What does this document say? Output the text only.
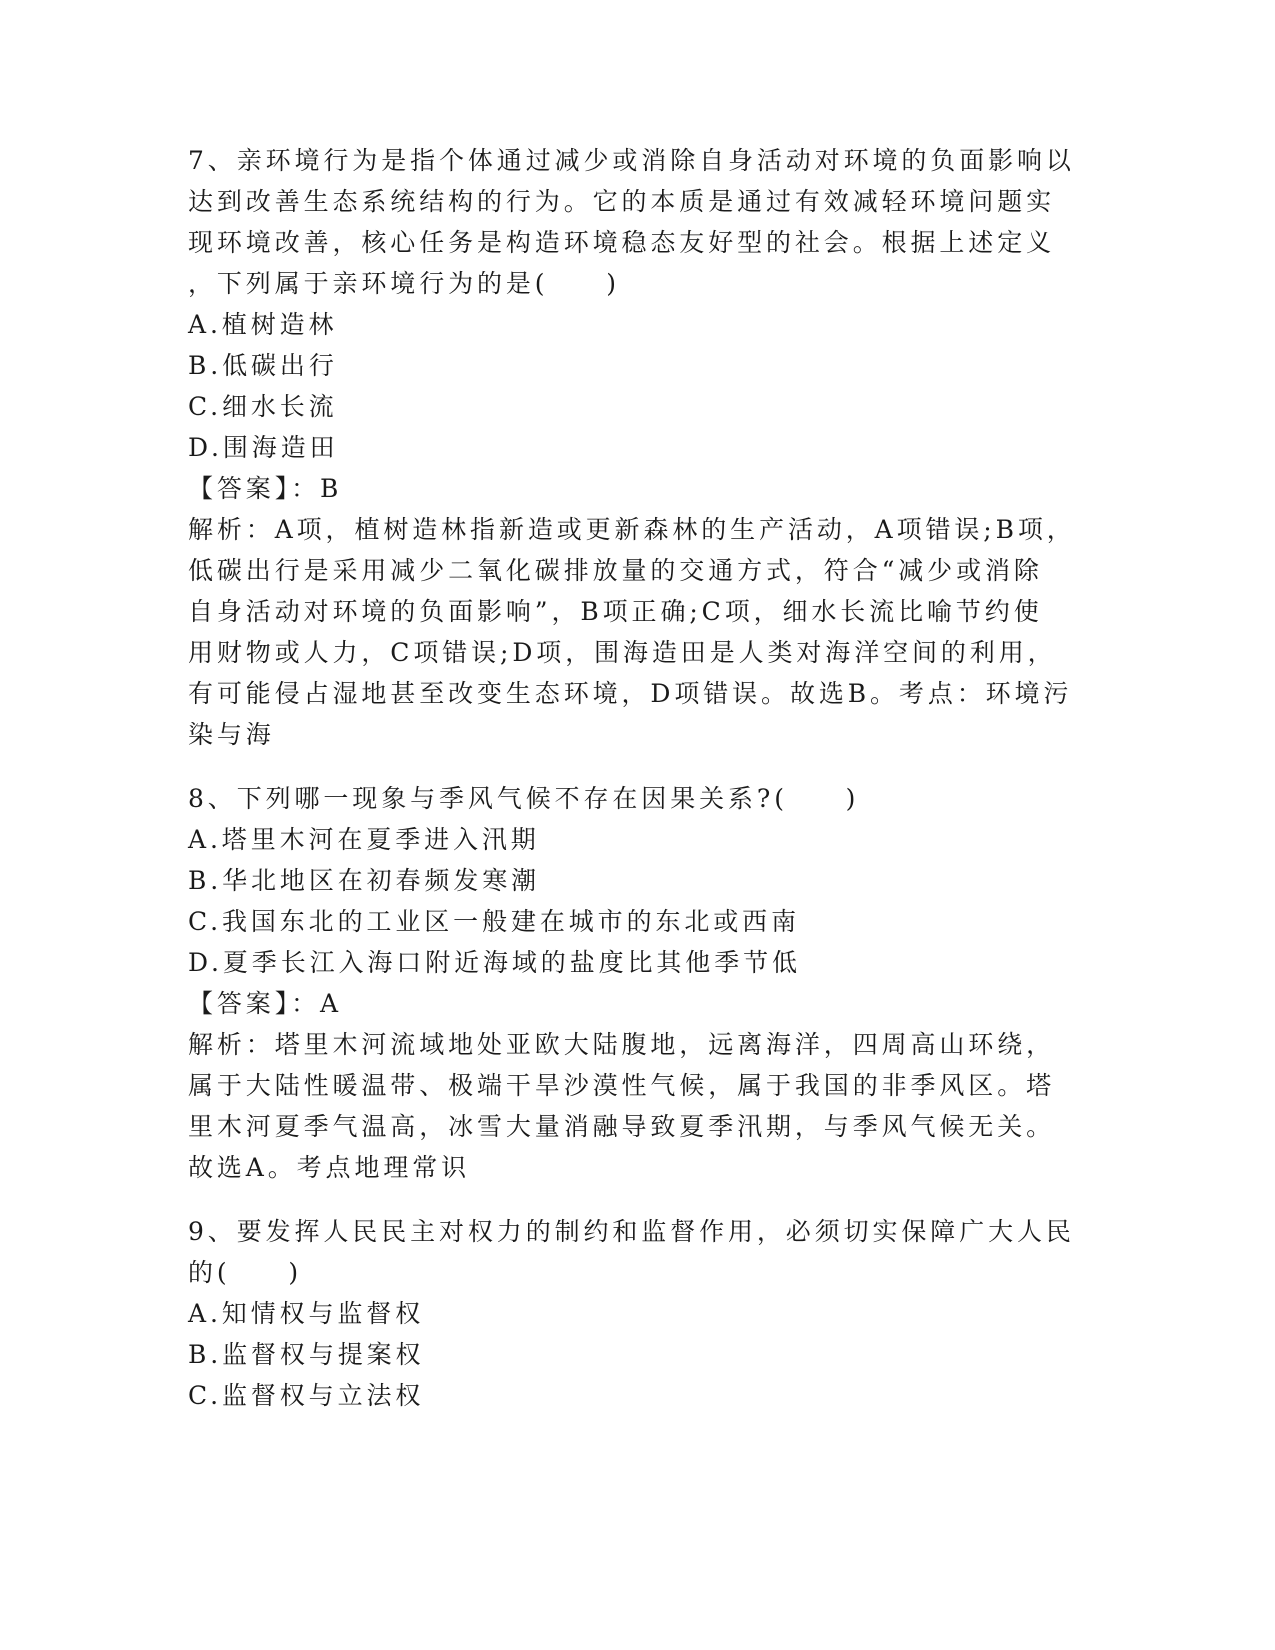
7、亲环境行为是指个体通过减少或消除自身活动对环境的负面影响以
达到改善生态系统结构的行为。它的本质是通过有效减轻环境问题实
现环境改善，核心任务是构造环境稳态友好型的社会。根据上述定义
，下列属于亲环境行为的是(　　)
A.植树造林
B.低碳出行
C.细水长流
D.围海造田
【答案】：B
解析：A项，植树造林指新造或更新森林的生产活动，A项错误;B项，
低碳出行是采用减少二氧化碳排放量的交通方式，符合“减少或消除
自身活动对环境的负面影响”，B项正确;C项，细水长流比喻节约使
用财物或人力，C项错误;D项，围海造田是人类对海洋空间的利用，
有可能侵占湿地甚至改变生态环境，D项错误。故选B。考点：环境污
染与海
8、下列哪一现象与季风气候不存在因果关系?(　　)
A.塔里木河在夏季进入汛期
B.华北地区在初春频发寒潮
C.我国东北的工业区一般建在城市的东北或西南
D.夏季长江入海口附近海域的盐度比其他季节低
【答案】：A
解析：塔里木河流域地处亚欧大陆腹地，远离海洋，四周高山环绕，
属于大陆性暖温带、极端干旱沙漠性气候，属于我国的非季风区。塔
里木河夏季气温高，冰雪大量消融导致夏季汛期，与季风气候无关。
故选A。考点地理常识
9、要发挥人民民主对权力的制约和监督作用，必须切实保障广大人民
的(　　)
A.知情权与监督权
B.监督权与提案权
C.监督权与立法权
